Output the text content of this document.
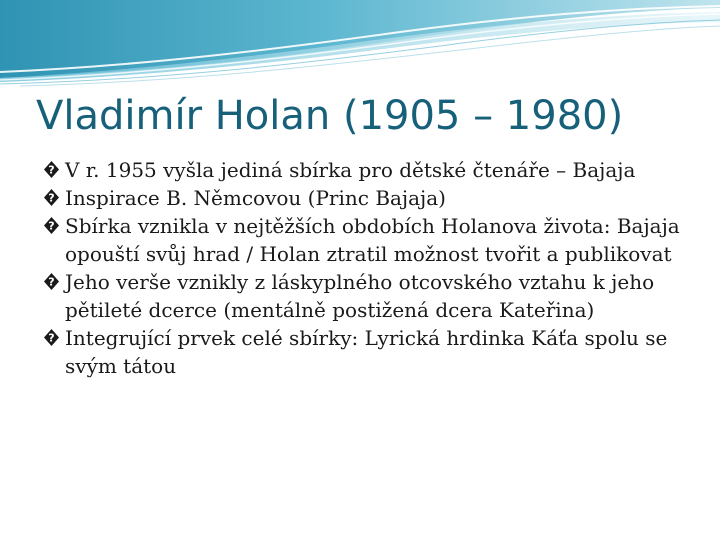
Vladimír Holan (1905 – 1980)
? V r. 1955 vyšla jediná sbírka pro dětské čtenáře – Bajaja
? Inspirace B. Němcovou (Princ Bajaja)
? Sbírka vznikla v nejtěžších obdobích Holanova života: Bajaja opouští svůj hrad / Holan ztratil možnost tvořit a publikovat
? Jeho verše vznikly z láskyplného otcovského vztahu k jeho pětileté dcerce (mentálně postižená dcera Kateřina)
? Integrující prvek celé sbírky: Lyrická hrdinka Káťa spolu se svým tátou
